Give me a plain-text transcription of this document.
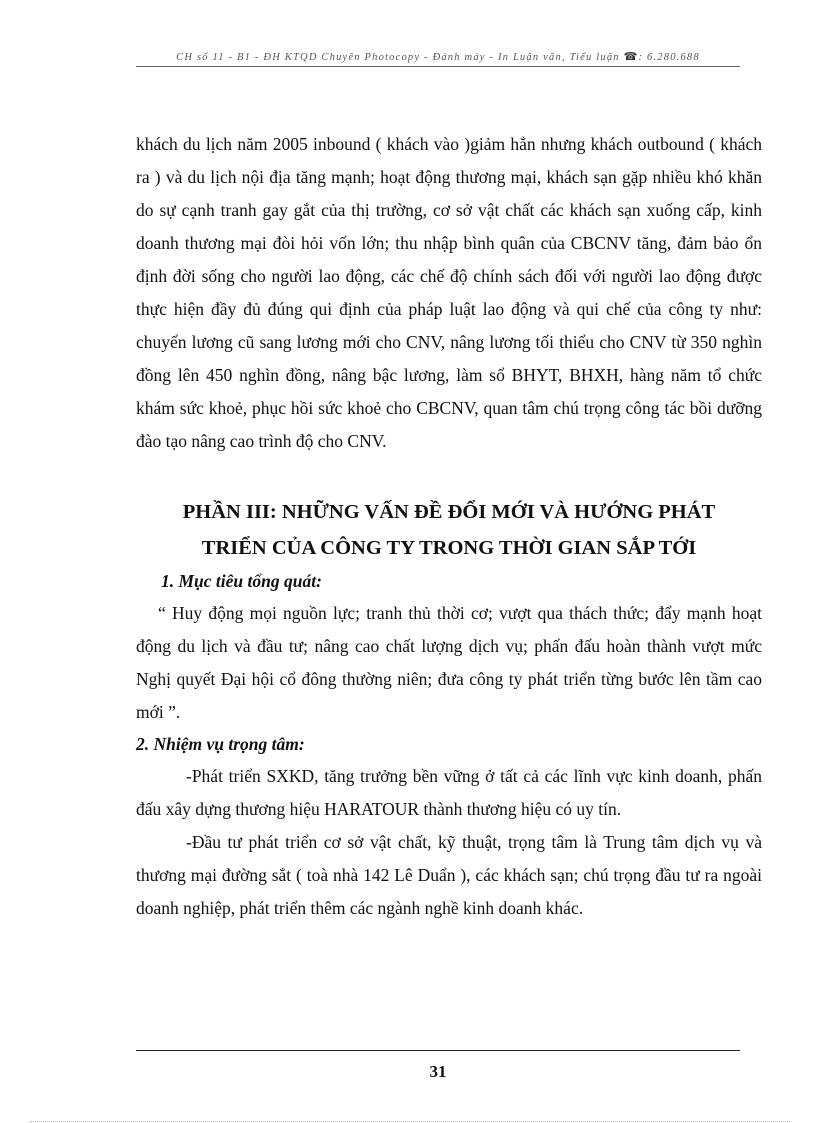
CH số 11 - B1 - ĐH KTQD Chuyên Photocopy - Đánh máy - In Luận văn, Tiểu luận ☎: 6.280.688

khách du lịch năm 2005 inbound ( khách vào )giảm hẳn nhưng khách outbound ( khách ra ) và du lịch nội địa tăng mạnh; hoạt động thương mại, khách sạn gặp nhiều khó khăn do sự cạnh tranh gay gắt của thị trường, cơ sở vật chất các khách sạn xuống cấp, kinh doanh thương mại đòi hỏi vốn lớn; thu nhập bình quân của CBCNV tăng, đảm bảo ổn định đời sống cho người lao động, các chế độ chính sách đối với người lao động được thực hiện đầy đủ đúng qui định của pháp luật lao động và qui chế của công ty như: chuyển lương cũ sang lương mới cho CNV, nâng lương tối thiểu cho CNV từ 350 nghìn đồng lên 450 nghìn đồng, nâng bậc lương, làm sổ BHYT, BHXH, hàng năm tổ chức khám sức khoẻ, phục hồi sức khoẻ cho CBCNV, quan tâm chú trọng công tác bồi dưỡng đào tạo nâng cao trình độ cho CNV.

PHẦN III: NHỮNG VẤN ĐỀ ĐỔI MỚI VÀ HƯỚNG PHÁT
TRIỂN CỦA CÔNG TY TRONG THỜI GIAN SẮP TỚI

1. Mục tiêu tổng quát:

“ Huy động mọi nguồn lực; tranh thủ thời cơ; vượt qua thách thức; đẩy mạnh hoạt động du lịch và đầu tư; nâng cao chất lượng dịch vụ; phấn đấu hoàn thành vượt mức Nghị quyết Đại hội cổ đông thường niên; đưa công ty phát triển từng bước lên tầm cao mới ”.

2. Nhiệm vụ trọng tâm:

-Phát triển SXKD, tăng trưởng bền vững ở tất cả các lĩnh vực kinh doanh, phấn đấu xây dựng thương hiệu HARATOUR thành thương hiệu có uy tín.

-Đầu tư phát triển cơ sở vật chất, kỹ thuật, trọng tâm là Trung tâm dịch vụ và thương mại đường sắt ( toà nhà 142 Lê Duẩn ), các khách sạn; chú trọng đầu tư ra ngoài doanh nghiệp, phát triển thêm các ngành nghề kinh doanh khác.

31
